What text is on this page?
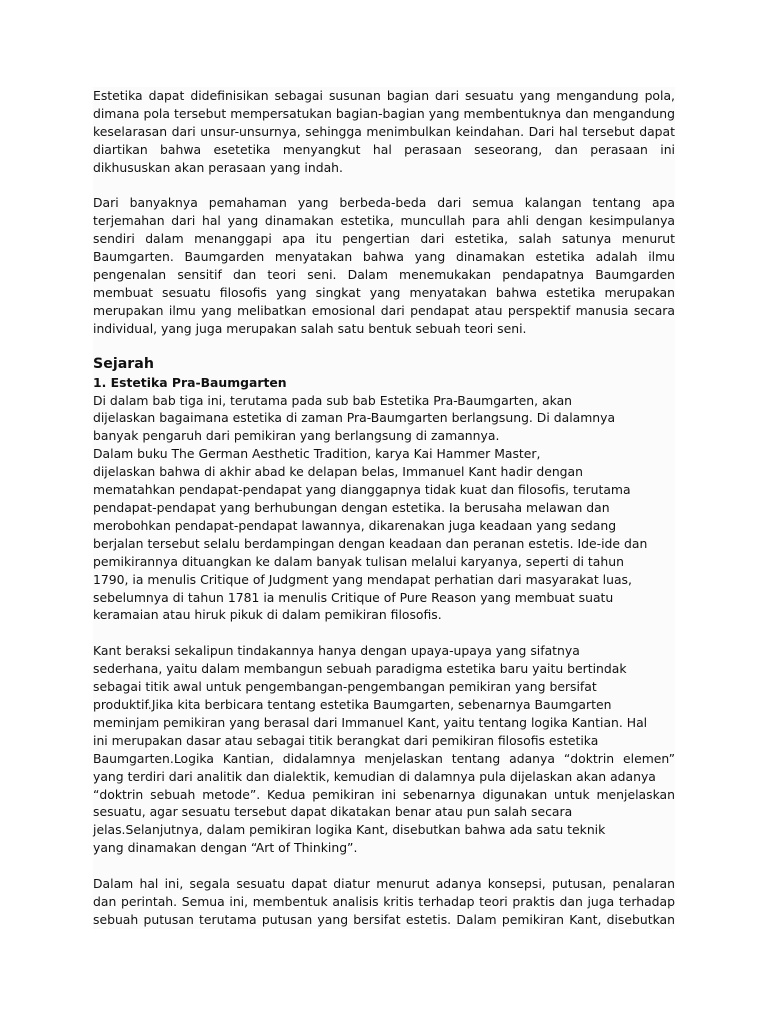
Estetika dapat didefinisikan sebagai susunan bagian dari sesuatu yang mengandung pola, dimana pola tersebut mempersatukan bagian-bagian yang membentuknya dan mengandung keselarasan dari unsur-unsurnya, sehingga menimbulkan keindahan. Dari hal tersebut dapat diartikan bahwa esetetika menyangkut hal perasaan seseorang, dan perasaan ini dikhususkan akan perasaan yang indah.

Dari banyaknya pemahaman yang berbeda-beda dari semua kalangan tentang apa terjemahan dari hal yang dinamakan estetika, muncullah para ahli dengan kesimpulanya sendiri dalam menanggapi apa itu pengertian dari estetika, salah satunya menurut Baumgarten. Baumgarden menyatakan bahwa yang dinamakan estetika adalah ilmu pengenalan sensitif dan teori seni. Dalam menemukakan pendapatnya Baumgarden membuat sesuatu filosofis yang singkat yang menyatakan bahwa estetika merupakan merupakan ilmu yang melibatkan emosional dari pendapat atau perspektif manusia secara individual, yang juga merupakan salah satu bentuk sebuah teori seni.

Sejarah

1. Estetika Pra-Baumgarten

Di dalam bab tiga ini, terutama pada sub bab Estetika Pra-Baumgarten, akan
dijelaskan bagaimana estetika di zaman Pra-Baumgarten berlangsung. Di dalamnya
banyak pengaruh dari pemikiran yang berlangsung di zamannya.
Dalam buku The German Aesthetic Tradition, karya Kai Hammer Master,
dijelaskan bahwa di akhir abad ke delapan belas, Immanuel Kant hadir dengan
mematahkan pendapat-pendapat yang dianggapnya tidak kuat dan filosofis, terutama
pendapat-pendapat yang berhubungan dengan estetika. Ia berusaha melawan dan
merobohkan pendapat-pendapat lawannya, dikarenakan juga keadaan yang sedang
berjalan tersebut selalu berdampingan dengan keadaan dan peranan estetis. Ide-ide dan
pemikirannya dituangkan ke dalam banyak tulisan melalui karyanya, seperti di tahun
1790, ia menulis Critique of Judgment yang mendapat perhatian dari masyarakat luas,
sebelumnya di tahun 1781 ia menulis Critique of Pure Reason yang membuat suatu
keramaian atau hiruk pikuk di dalam pemikiran filosofis.
Kant beraksi sekalipun tindakannya hanya dengan upaya-upaya yang sifatnya
sederhana, yaitu dalam membangun sebuah paradigma estetika baru yaitu bertindak
sebagai titik awal untuk pengembangan-pengembangan pemikiran yang bersifat
produktif.Jika kita berbicara tentang estetika Baumgarten, sebenarnya Baumgarten
meminjam pemikiran yang berasal dari Immanuel Kant, yaitu tentang logika Kantian. Hal
ini merupakan dasar atau sebagai titik berangkat dari pemikiran filosofis estetika
Baumgarten.Logika Kantian, didalamnya menjelaskan tentang adanya “doktrin elemen”
yang terdiri dari analitik dan dialektik, kemudian di dalamnya pula dijelaskan akan adanya
“doktrin sebuah metode”. Kedua pemikiran ini sebenarnya digunakan untuk menjelaskan
sesuatu, agar sesuatu tersebut dapat dikatakan benar atau pun salah secara
jelas.Selanjutnya, dalam pemikiran logika Kant, disebutkan bahwa ada satu teknik
yang dinamakan dengan “Art of Thinking”.

Dalam hal ini, segala sesuatu dapat diatur menurut adanya konsepsi, putusan, penalaran dan perintah. Semua ini, membentuk analisis kritis terhadap teori praktis dan juga terhadap sebuah putusan terutama putusan yang bersifat estetis. Dalam pemikiran Kant, disebutkan
